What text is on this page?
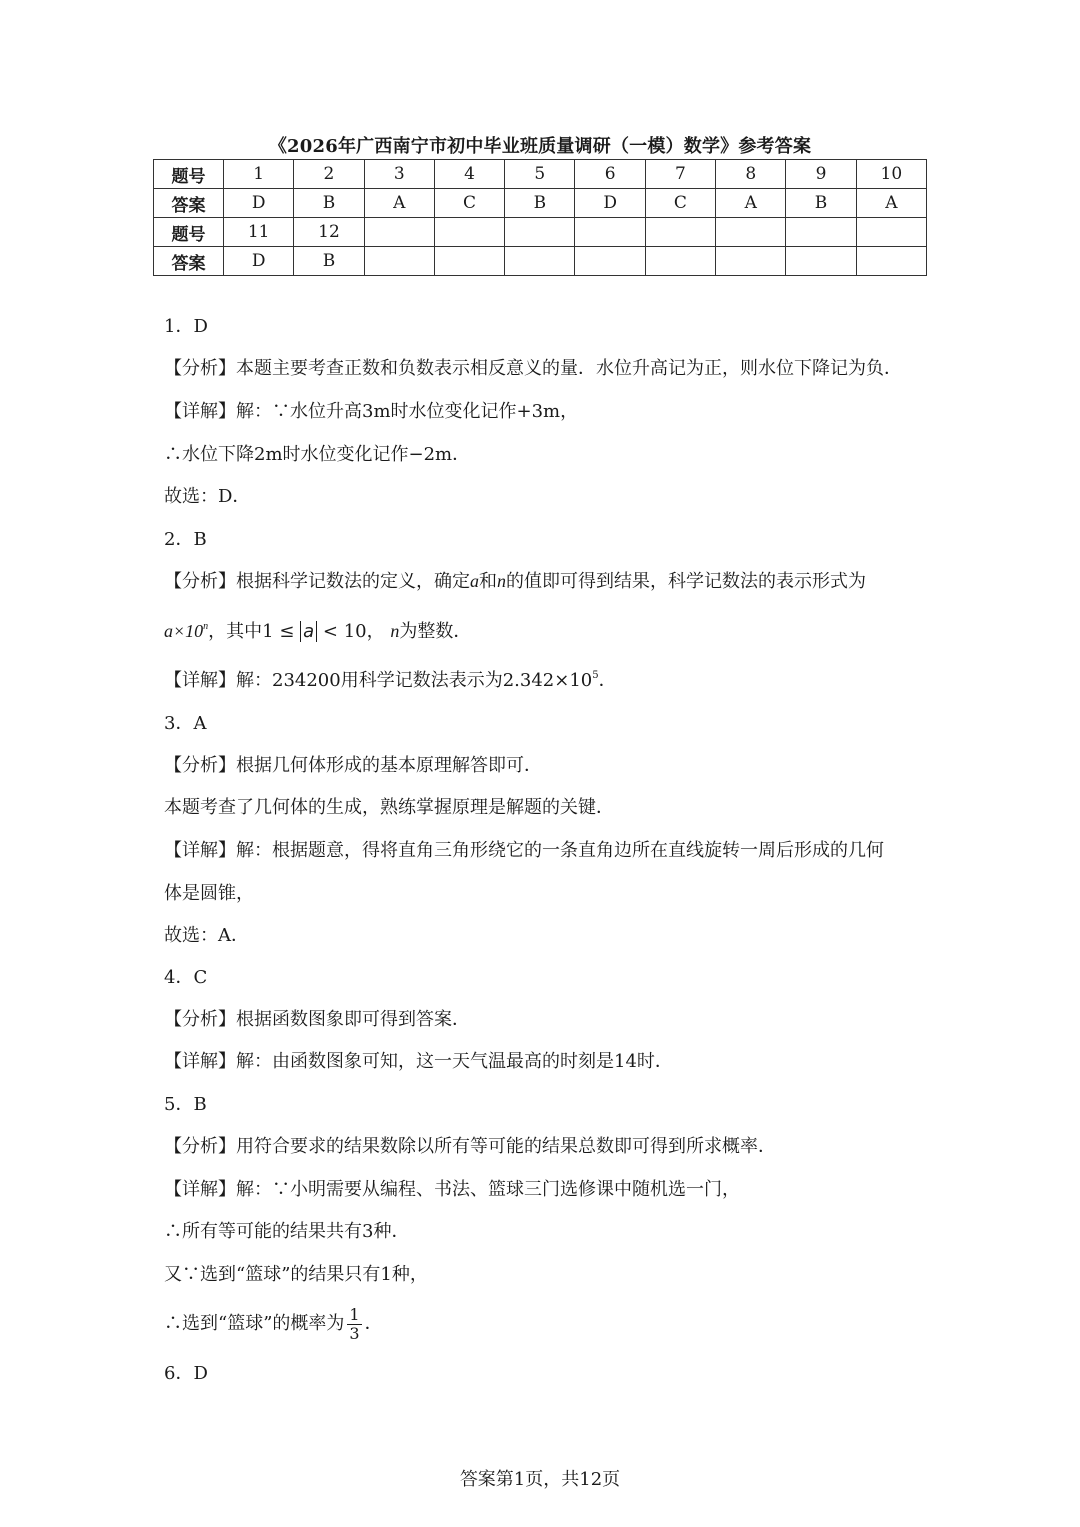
《2026年广西南宁市初中毕业班质量调研（一模）数学》参考答案
题号	1	2	3	4	5	6	7	8	9	10
答案	D	B	A	C	B	D	C	A	B	A
题号	11	12								
答案	D	B								
1．D
【分析】本题主要考查正数和负数表示相反意义的量．水位升高记为正，则水位下降记为负．
【详解】解：∵水位升高3m时水位变化记作+3m，
∴水位下降2m时水位变化记作−2m．
故选：D．
2．B
【分析】根据科学记数法的定义，确定a和n的值即可得到结果，科学记数法的表示形式为
$a\times 10^n$，其中1 ≤ a < 10， n为整数．
【详解】解：234200用科学记数法表示为$2.342\times 10^5$．
3．A
【分析】根据几何体形成的基本原理解答即可．
本题考查了几何体的生成，熟练掌握原理是解题的关键．
【详解】解：根据题意，得将直角三角形绕它的一条直角边所在直线旋转一周后形成的几何
体是圆锥，
故选：A．
4．C
【分析】根据函数图象即可得到答案．
【详解】解：由函数图象可知，这一天气温最高的时刻是14时．
5．B
【分析】用符合要求的结果数除以所有等可能的结果总数即可得到所求概率．
【详解】解：∵小明需要从编程、书法、篮球三门选修课中随机选一门，
∴所有等可能的结果共有3种．
又∵选到“篮球”的结果只有1种，
∴选到“篮球”的概率为 $\frac{1}{3}$ ．
6．D
答案第1页，共12页
